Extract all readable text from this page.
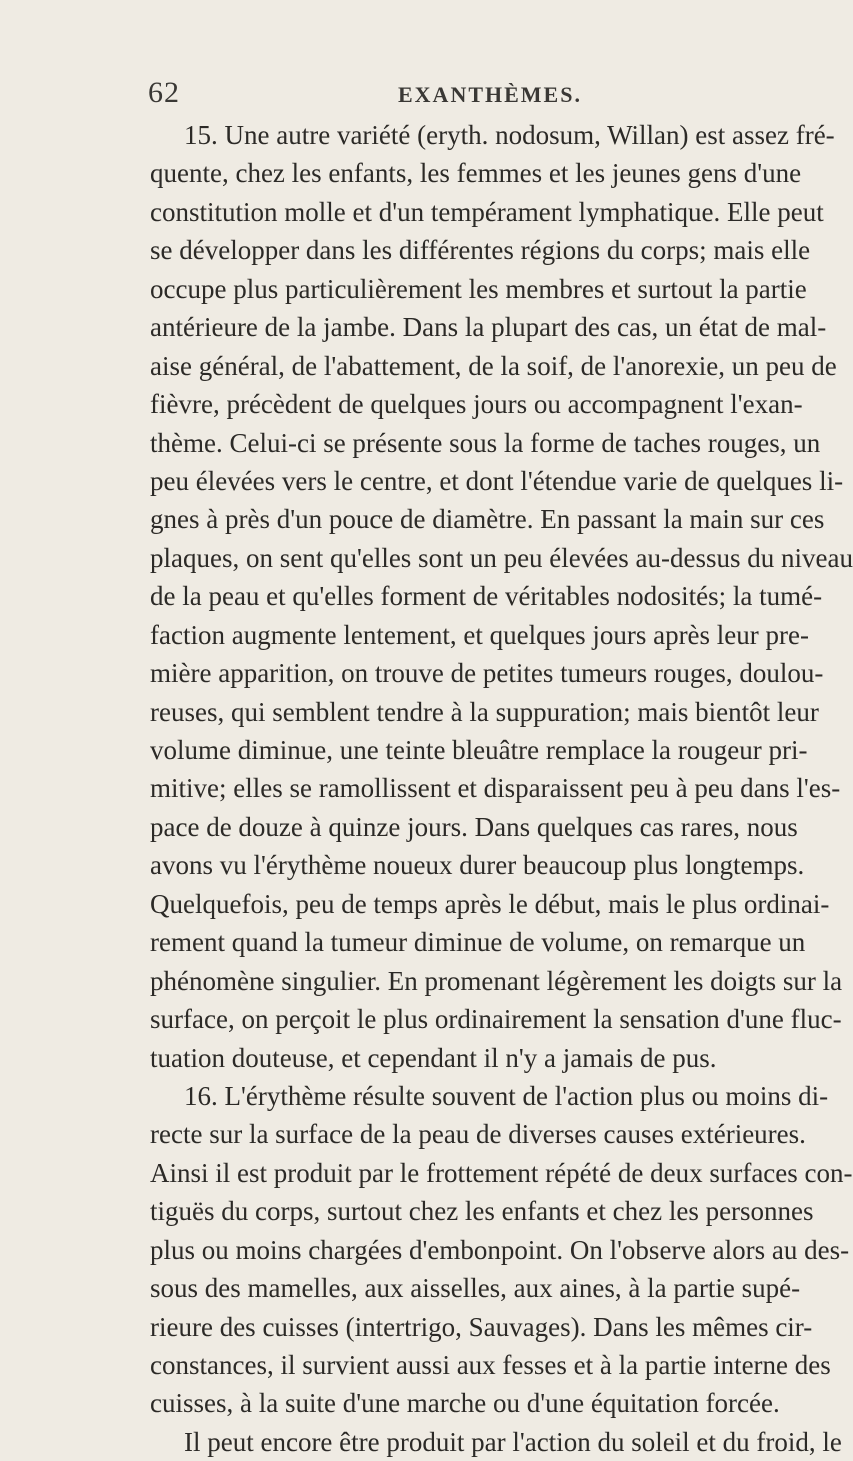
62	EXANTHÈMES.
15. Une autre variété (eryth. nodosum, Willan) est assez fré-
quente, chez les enfants, les femmes et les jeunes gens d'une
constitution molle et d'un tempérament lymphatique. Elle peut
se développer dans les différentes régions du corps; mais elle
occupe plus particulièrement les membres et surtout la partie
antérieure de la jambe. Dans la plupart des cas, un état de mal-
aise général, de l'abattement, de la soif, de l'anorexie, un peu de
fièvre, précèdent de quelques jours ou accompagnent l'exan-
thème. Celui-ci se présente sous la forme de taches rouges, un
peu élevées vers le centre, et dont l'étendue varie de quelques li-
gnes à près d'un pouce de diamètre. En passant la main sur ces
plaques, on sent qu'elles sont un peu élevées au-dessus du niveau
de la peau et qu'elles forment de véritables nodosités; la tumé-
faction augmente lentement, et quelques jours après leur pre-
mière apparition, on trouve de petites tumeurs rouges, doulou-
reuses, qui semblent tendre à la suppuration; mais bientôt leur
volume diminue, une teinte bleuâtre remplace la rougeur pri-
mitive; elles se ramollissent et disparaissent peu à peu dans l'es-
pace de douze à quinze jours. Dans quelques cas rares, nous
avons vu l'érythème noueux durer beaucoup plus longtemps.
Quelquefois, peu de temps après le début, mais le plus ordinai-
rement quand la tumeur diminue de volume, on remarque un
phénomène singulier. En promenant légèrement les doigts sur la
surface, on perçoit le plus ordinairement la sensation d'une fluc-
tuation douteuse, et cependant il n'y a jamais de pus.
16. L'érythème résulte souvent de l'action plus ou moins di-
recte sur la surface de la peau de diverses causes extérieures.
Ainsi il est produit par le frottement répété de deux surfaces con-
tiguës du corps, surtout chez les enfants et chez les personnes
plus ou moins chargées d'embonpoint. On l'observe alors au des-
sous des mamelles, aux aisselles, aux aines, à la partie supé-
rieure des cuisses (intertrigo, Sauvages). Dans les mêmes cir-
constances, il survient aussi aux fesses et à la partie interne des
cuisses, à la suite d'une marche ou d'une équitation forcée.
Il peut encore être produit par l'action du soleil et du froid, le
